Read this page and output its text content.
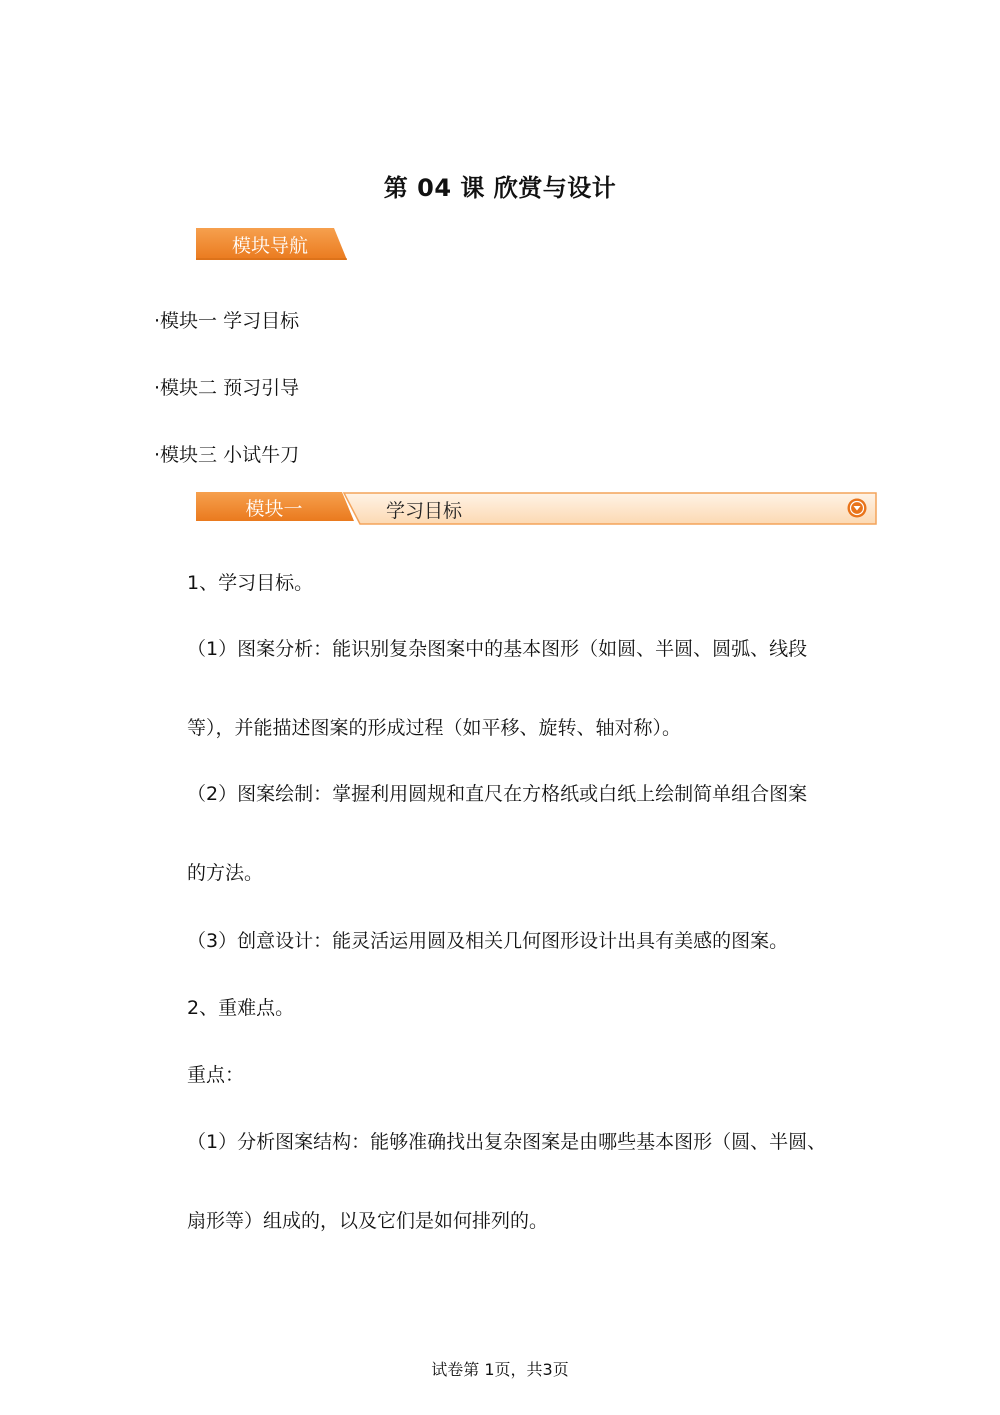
第 04 课 欣赏与设计
模块导航
·模块一 学习目标
·模块二 预习引导
·模块三 小试牛刀
模块一	学习目标
1、学习目标。
（1）图案分析：能识别复杂图案中的基本图形（如圆、半圆、圆弧、线段
等），并能描述图案的形成过程（如平移、旋转、轴对称）。
（2）图案绘制：掌握利用圆规和直尺在方格纸或白纸上绘制简单组合图案
的方法。
（3）创意设计：能灵活运用圆及相关几何图形设计出具有美感的图案。
2、重难点。
重点：
（1）分析图案结构：能够准确找出复杂图案是由哪些基本图形（圆、半圆、
扇形等）组成的，以及它们是如何排列的。
试卷第 1页，共3页
